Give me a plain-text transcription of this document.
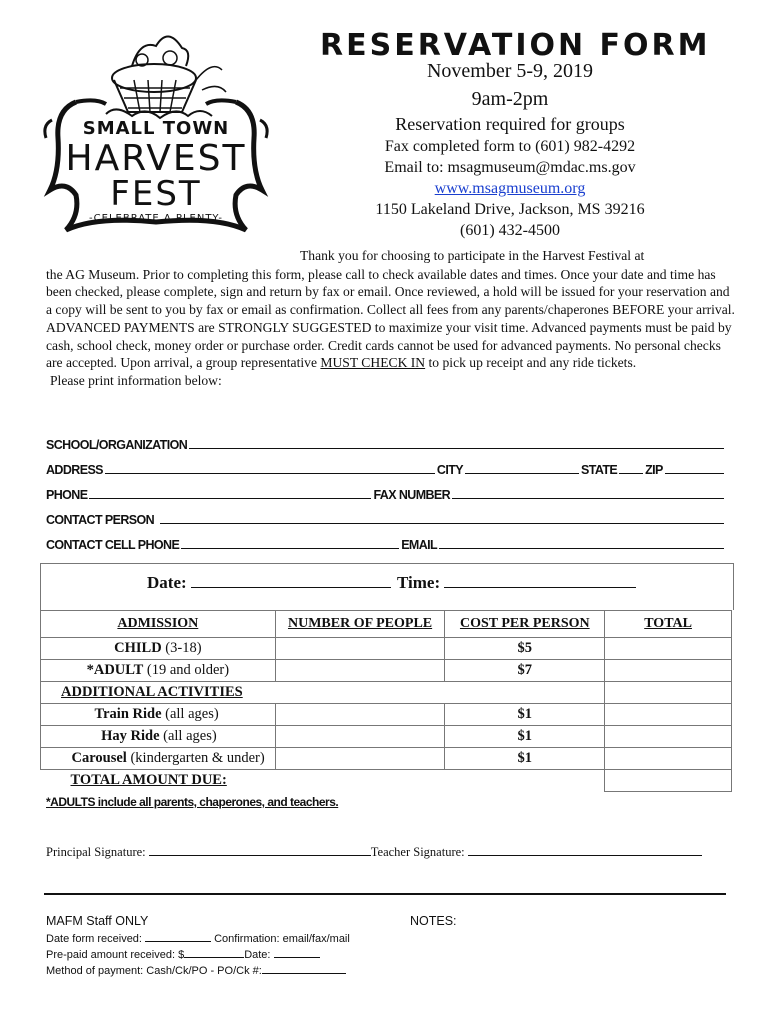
SMALL TOWN
HARVEST
FEST
-CELEBRATE A PLENTY-
RESERVATION FORM
November 5-9, 2019
9am-2pm
Reservation required for groups
Fax completed form to (601) 982-4292
Email to: msagmuseum@mdac.ms.gov
www.msagmuseum.org
1150 Lakeland Drive, Jackson, MS 39216
(601) 432-4500
Thank you for choosing to participate in the Harvest Festival at
the AG Museum. Prior to completing this form, please call to check available dates and times. Once your date and time has been checked, please complete, sign and return by fax or email. Once reviewed, a hold will be issued for your reservation and a copy will be sent to you by fax or email as confirmation. Collect all fees from any parents/chaperones BEFORE your arrival.
ADVANCED PAYMENTS are STRONGLY SUGGESTED to maximize your visit time. Advanced payments must be paid by cash, school check, money order or purchase order. Credit cards cannot be used for advanced payments. No personal checks are accepted. Upon arrival, a group representative MUST CHECK IN to pick up receipt and any ride tickets.
Please print information below:
SCHOOL/ORGANIZATION
ADDRESS	CITY	STATE ZIP
PHONE	FAX NUMBER
CONTACT PERSON
CONTACT CELL PHONE	EMAIL
Date:	Time:
ADMISSION	NUMBER OF PEOPLE	COST PER PERSON	TOTAL
CHILD (3-18)		$5	
*ADULT (19 and older)		$7	
ADDITIONAL ACTIVITIES			
Train Ride (all ages)		$1	
Hay Ride (all ages)		$1	
Carousel (kindergarten & under)		$1	
TOTAL AMOUNT DUE:			
*ADULTS include all parents, chaperones, and teachers.
Principal Signature:	Teacher Signature:
MAFM Staff ONLY	NOTES:
Date form received:	Confirmation: email/fax/mail
Pre-paid amount received: $	Date:
Method of payment: Cash/Ck/PO - PO/Ck #:
